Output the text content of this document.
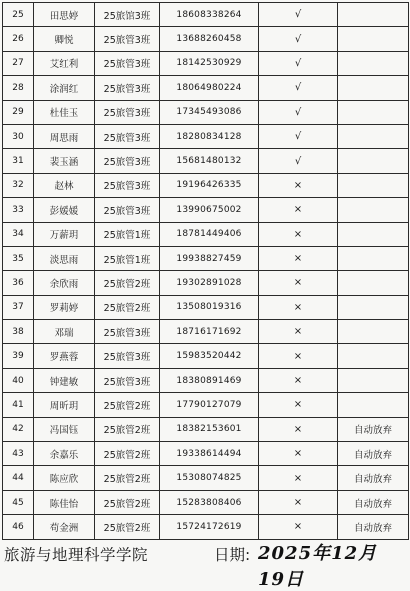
25	田思婷	25旅馆3班	18608338264	√	
26	卿悦	25旅管3班	13688260458	√	
27	艾红利	25旅管3班	18142530929	√	
28	涂润红	25旅管3班	18064980224	√	
29	杜佳玉	25旅管3班	17345493086	√	
30	周思雨	25旅管3班	18280834128	√	
31	裴玉涵	25旅管3班	15681480132	√	
32	赵林	25旅管3班	19196426335	×	
33	彭媛媛	25旅管3班	13990675002	×	
34	万薪玥	25旅管1班	18781449406	×	
35	淡思雨	25旅管1班	19938827459	×	
36	余欣雨	25旅管2班	19302891028	×	
37	罗莉婷	25旅管2班	13508019316	×	
38	邓瑞	25旅管3班	18716171692	×	
39	罗燕蓉	25旅管3班	15983520442	×	
40	钟建敏	25旅管3班	18380891469	×	
41	周昕玥	25旅管2班	17790127079	×	
42	冯国钰	25旅管2班	18382153601	×	自动放弃
43	余嘉乐	25旅管2班	19338614494	×	自动放弃
44	陈应欣	25旅管2班	15308074825	×	自动放弃
45	陈佳怡	25旅管2班	15283808406	×	自动放弃
46	苟金洲	25旅管2班	15724172619	×	自动放弃
旅游与地理科学学院	日期: 2025年12月19日
